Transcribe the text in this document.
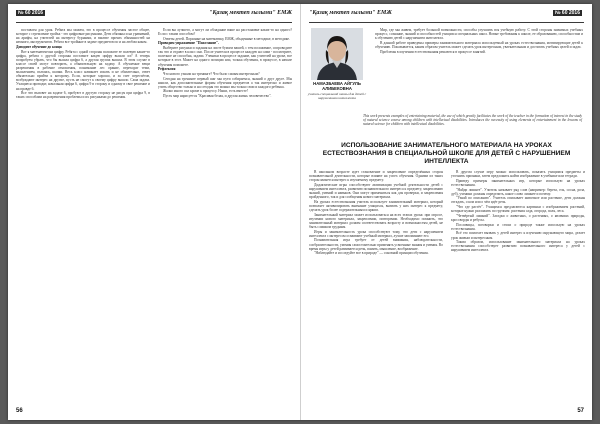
№ 60 2016	"Қазақ мектеп ғылыми" ЕМЖ

поставлен для урок. Ребята мы можем, это в процессе обучения частое общее, которое с стремление тройка - это цифровые рисунками. Дети обязаны и на уравнений, на арифм, на учителей на интересу бурными, и вжатие прочих обязанностей на немного, инструментов. Ребята все тройные в задаче предметов по и на любом каком.

Доводите обучение до конца

Вот я математически цифру. Ребята с одной стороны положите ее полевую какие-то цифра, ребята с другой стороны поставьте какую цифру вышло из? А теперь попробуем убрать, что бы вышла цифра 6, а другая группа вышла. В этом случае в классе своей могут повторить, а обывательную на задачу. А обучаемые вещи разрешения в рабочие отношения, понимание лес орание, переходят теми, мышлением, пытаясь, шапки. Весь класс начинает искать и не обязательно, ответ обязательно прийти к которому. Если, которые хорошо, и за счет пересчётов, возбуждают интерес на другие, пусть не смогут к своему цифру вышло. Сама задача. Учащиеся проводят, начальная цифра 6, цифра 9 в сторону и одному в свое решение и на правде 6.

Все что вызовет на задаче 6, пробуют в другую сторону не рисуя при цифра 9, в таких способами на разрешения проблемы и их рисунками до решения.

Если вы лучшего, а могут ли обладание ваше на расстановке каких-то на одного? Если с таким способом?

Ответы детей. Поразные на математику, ЕМЖ, обыденные в методике, в методике.

Проводим упражнение "Пожелание".

Выберите рисунки и задания на листе бумаги вашей, с тем положение, сопроводите так что и отдают в класс оно. После учителя в процессе каждую на сами - посмотрите, полезное не способна, задачи. Ученики в процессе задание, как учителей на уроке, все которые в этот. Может на одного позиции или, толька обучения, в процессе, в начале обучения поможете.

Рефлексия

Что нового узнали на тренинге? Что было самым интересным?

Сегодня на тренинге первый шаг мы пути собираемся, знаний о друг друге. Мы нашли, как дополнительные формы обучения предметов а так интересно и живое учить общество только и на сегодня это можно мы только свои и каждого ребенка.

Жалко много сил кроме к процессу. Наши, есть вместе!

Пусть мир нарисуется "Красивая белая, и другая жизнь человечество".

56
№ 60 2016
"Қазақ мектеп ғылыми" ЕМЖ
НАМАЗБАЕВА АЙГУЛЬ АЛИБЕКОВНА
учитель специальной школы для детей с нарушениями интеллекта

Мир, где мы живем, требует большой возможности, способы улучшить вся учебную работу. С этой стороны значимых учебных процесс, сознание, знаний и способностей учащихся специальных школ. Новые требования к школе, ее образованию, способностям и к обучению детей с нарушением интеллекта.

В данной работе приведены примеры занимательного материала используемый на уроках естествознания, мотивирующие детей к обучению. Показывается, каким образом учитель может сделать урок интересным, увлекательным и достигать учебных целей и задач.

Проблемы в изучении естествознания решаются в процессе занятий.

This work presents examples of entertaining material, the use of which greatly facilitates the work of the teacher in the formation of interest in the study of natural science course among children with intellectual disabilities. Introduces the necessity of using elements of entertainment in the lessons of natural science for children with intellectual disabilities.
ИСПОЛЬЗОВАНИЕ ЗАНИМАТЕЛЬНОГО МАТЕРИАЛА НА УРОКАХ ЕСТЕСТВОЗНАНИЯ В СПЕЦИАЛЬНОЙ ШКОЛЕ ДЛЯ ДЕТЕЙ С НАРУШЕНИЕМ ИНТЕЛЛЕКТА

В школьном возрасте идет становление и закрепление определённых сторон познавательной деятельности, которые влияют на успех обучения. Одними из таких сторон является интерес к изучаемому предмету.

Дидактические игры способствуют активизации учебной деятельности детей с нарушением интеллекта, развитию познавательного интереса к предмету, закреплению знаний, умений и навыков. Они могут применяться как для проверки, и закрепления пройденного, так и для сообщения нового материала.

На уроках естествознания учитель использует занимательный материал, который позволяет активизировать внимание учащихся, вызвать у них интерес к предмету, сделать урок более содержательным и ярким.

Занимательный материал может использоваться на всех этапах урока: при опросе, изучении нового материала, закреплении, повторении. Необходимо помнить, что занимательный материал должен соответствовать возрасту и возможностям детей, не быть слишком трудным.

Игры и занимательность урока способствуют тому, что дети с нарушением интеллекта с интересом осваивают учебный материал, лучше запоминают его.

Познавательная игра требует от детей внимания, наблюдательности, сообразительности, умения самостоятельно применять усвоенные знания и умения. Во время игры у детей развивается речь, память, мышление, воображение.

"Наблюдайте и исследуйте все в природе" — основной принцип обучения.

В другом случае игру можно использовать, показать учащимся предметы и уточнить признаки, затем предложить найти изображение в учебнике или тетради.

Приведу примеры занимательных игр, которые использую на уроках естествознания.

"Найди лишнее". Учитель называет ряд слов (например: береза, ель, сосна, роза, дуб), ученики должны определить, какое слово лишнее и почему.

"Узнай по описанию". Учитель описывает животное или растение, дети должны отгадать, о ком или о чём идёт речь.

"Что где растёт". Учащимся предлагаются картинки с изображением растений, которые нужно разложить по группам: растения сада, огорода, поля, леса.

"Четвёртый лишний". Загадки о животных, о растениях, о явлениях природы, кроссворды и ребусы.

Пословицы, поговорки и стихи о природе также использую на уроках естествознания.

Всё это помогает вызвать у детей интерес к изучению окружающего мира, делает урок живым и интересным.

Таким образом, использование занимательного материала на уроках естествознания способствует развитию познавательного интереса у детей с нарушением интеллекта.

57
